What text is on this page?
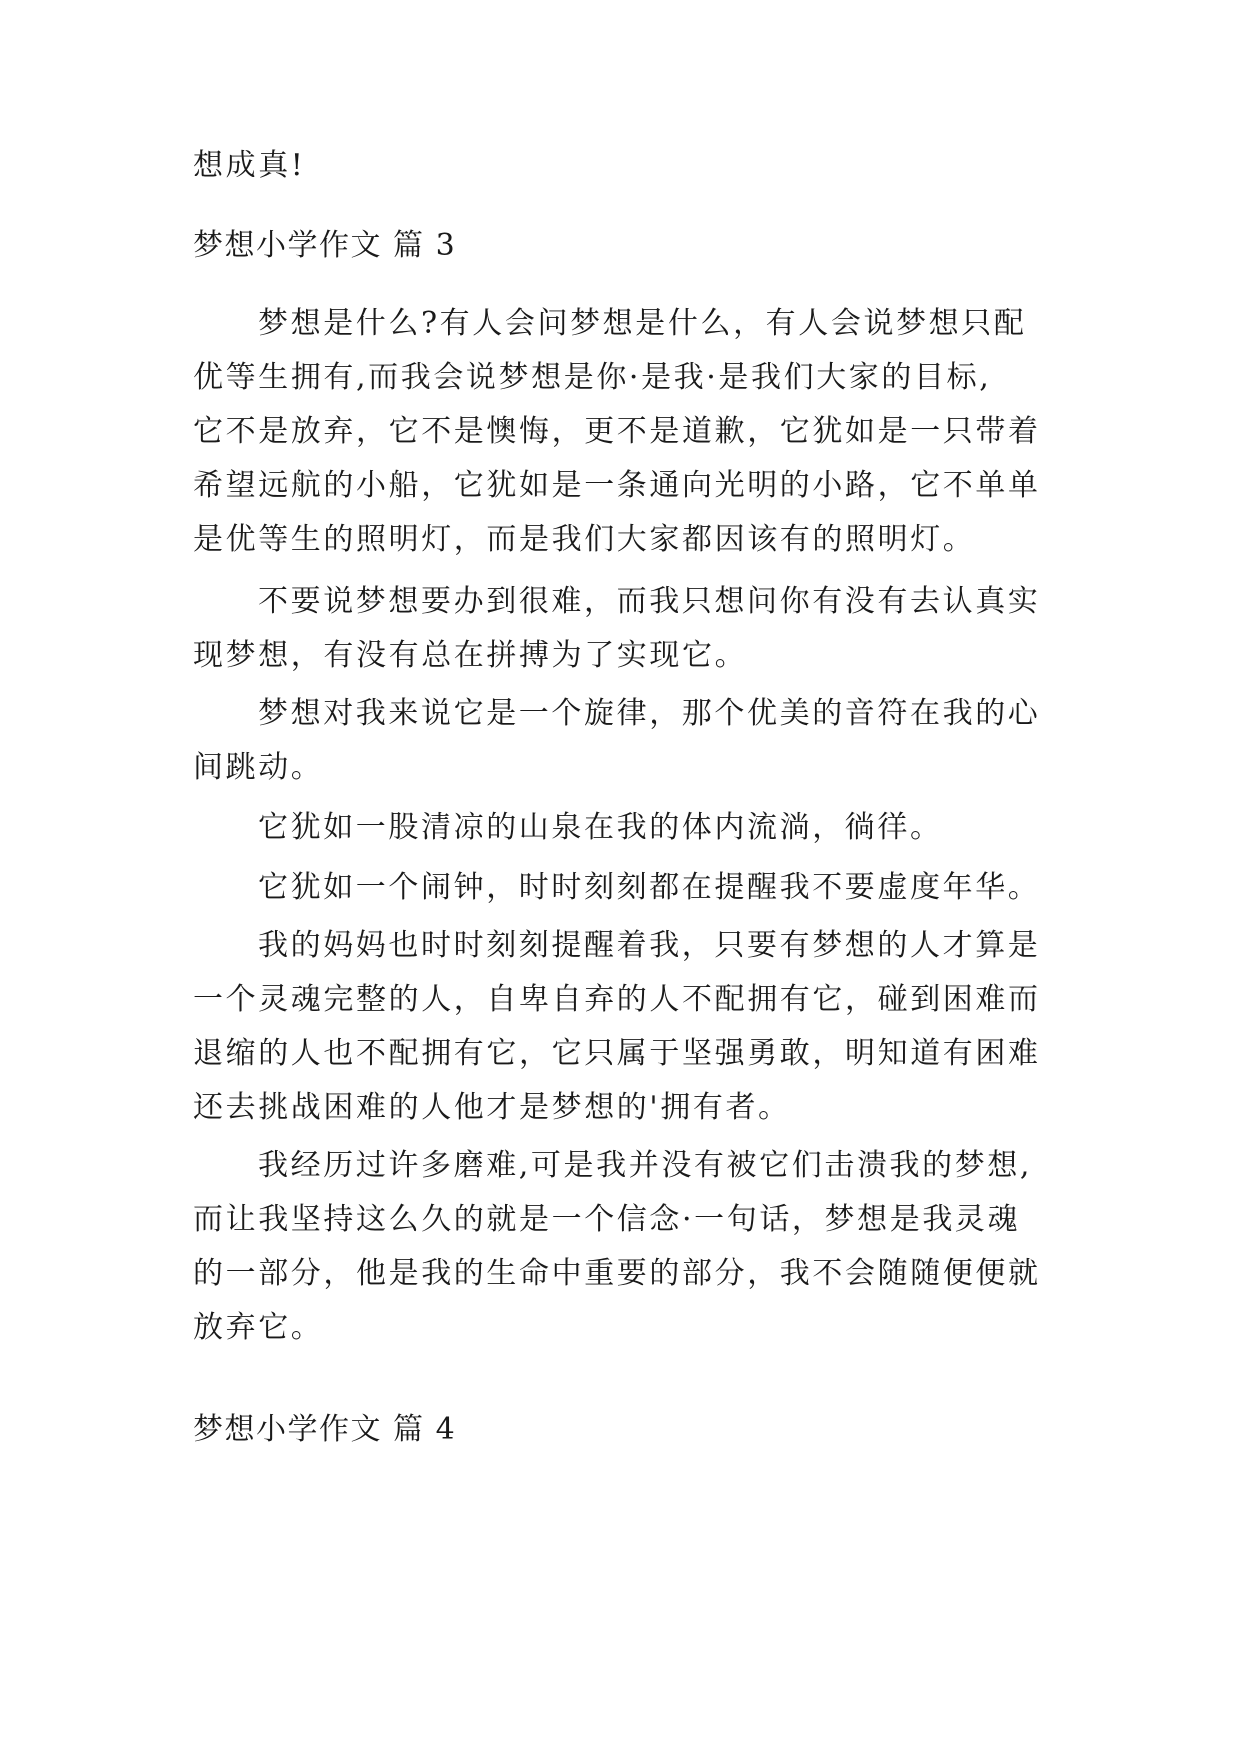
想成真!
梦想小学作文 篇 3
梦想是什么?有人会问梦想是什么，有人会说梦想只配
优等生拥有,而我会说梦想是你·是我·是我们大家的目标,
它不是放弃，它不是懊悔，更不是道歉，它犹如是一只带着
希望远航的小船，它犹如是一条通向光明的小路，它不单单
是优等生的照明灯，而是我们大家都因该有的照明灯。
不要说梦想要办到很难，而我只想问你有没有去认真实
现梦想，有没有总在拼搏为了实现它。
梦想对我来说它是一个旋律，那个优美的音符在我的心
间跳动。
它犹如一股清凉的山泉在我的体内流淌，徜徉。
它犹如一个闹钟，时时刻刻都在提醒我不要虚度年华。
我的妈妈也时时刻刻提醒着我，只要有梦想的人才算是
一个灵魂完整的人，自卑自弃的人不配拥有它，碰到困难而
退缩的人也不配拥有它，它只属于坚强勇敢，明知道有困难
还去挑战困难的人他才是梦想的'拥有者。
我经历过许多磨难,可是我并没有被它们击溃我的梦想,
而让我坚持这么久的就是一个信念·一句话，梦想是我灵魂
的一部分，他是我的生命中重要的部分，我不会随随便便就
放弃它。
梦想小学作文 篇 4
